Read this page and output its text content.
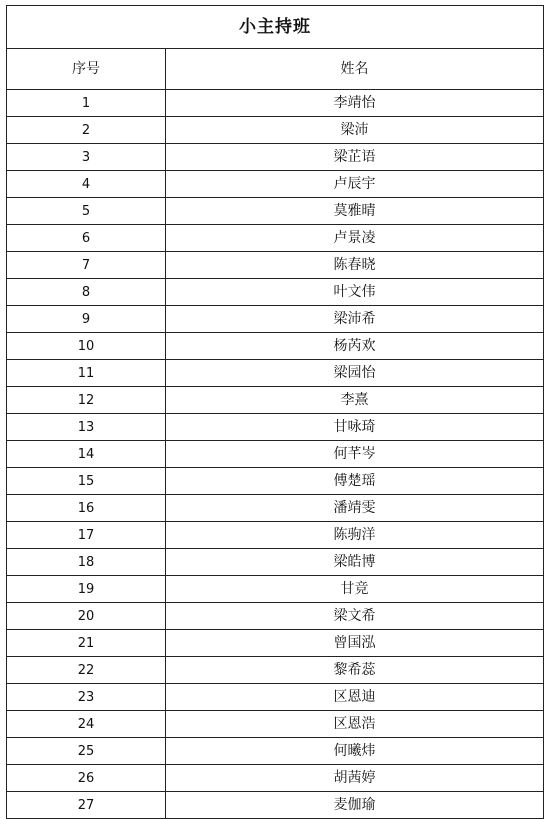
小主持班	
序号	姓名
1	李靖怡
2	梁沛
3	梁芷语
4	卢辰宇
5	莫雅晴
6	卢景凌
7	陈春晓
8	叶文伟
9	梁沛希
10	杨芮欢
11	梁园怡
12	李熹
13	甘咏琦
14	何芊岑
15	傅楚瑶
16	潘靖雯
17	陈驹洋
18	梁皓博
19	甘竞
20	梁文希
21	曾国泓
22	黎希蕊
23	区恩迪
24	区恩浩
25	何曦炜
26	胡茜婷
27	麦伽瑜
